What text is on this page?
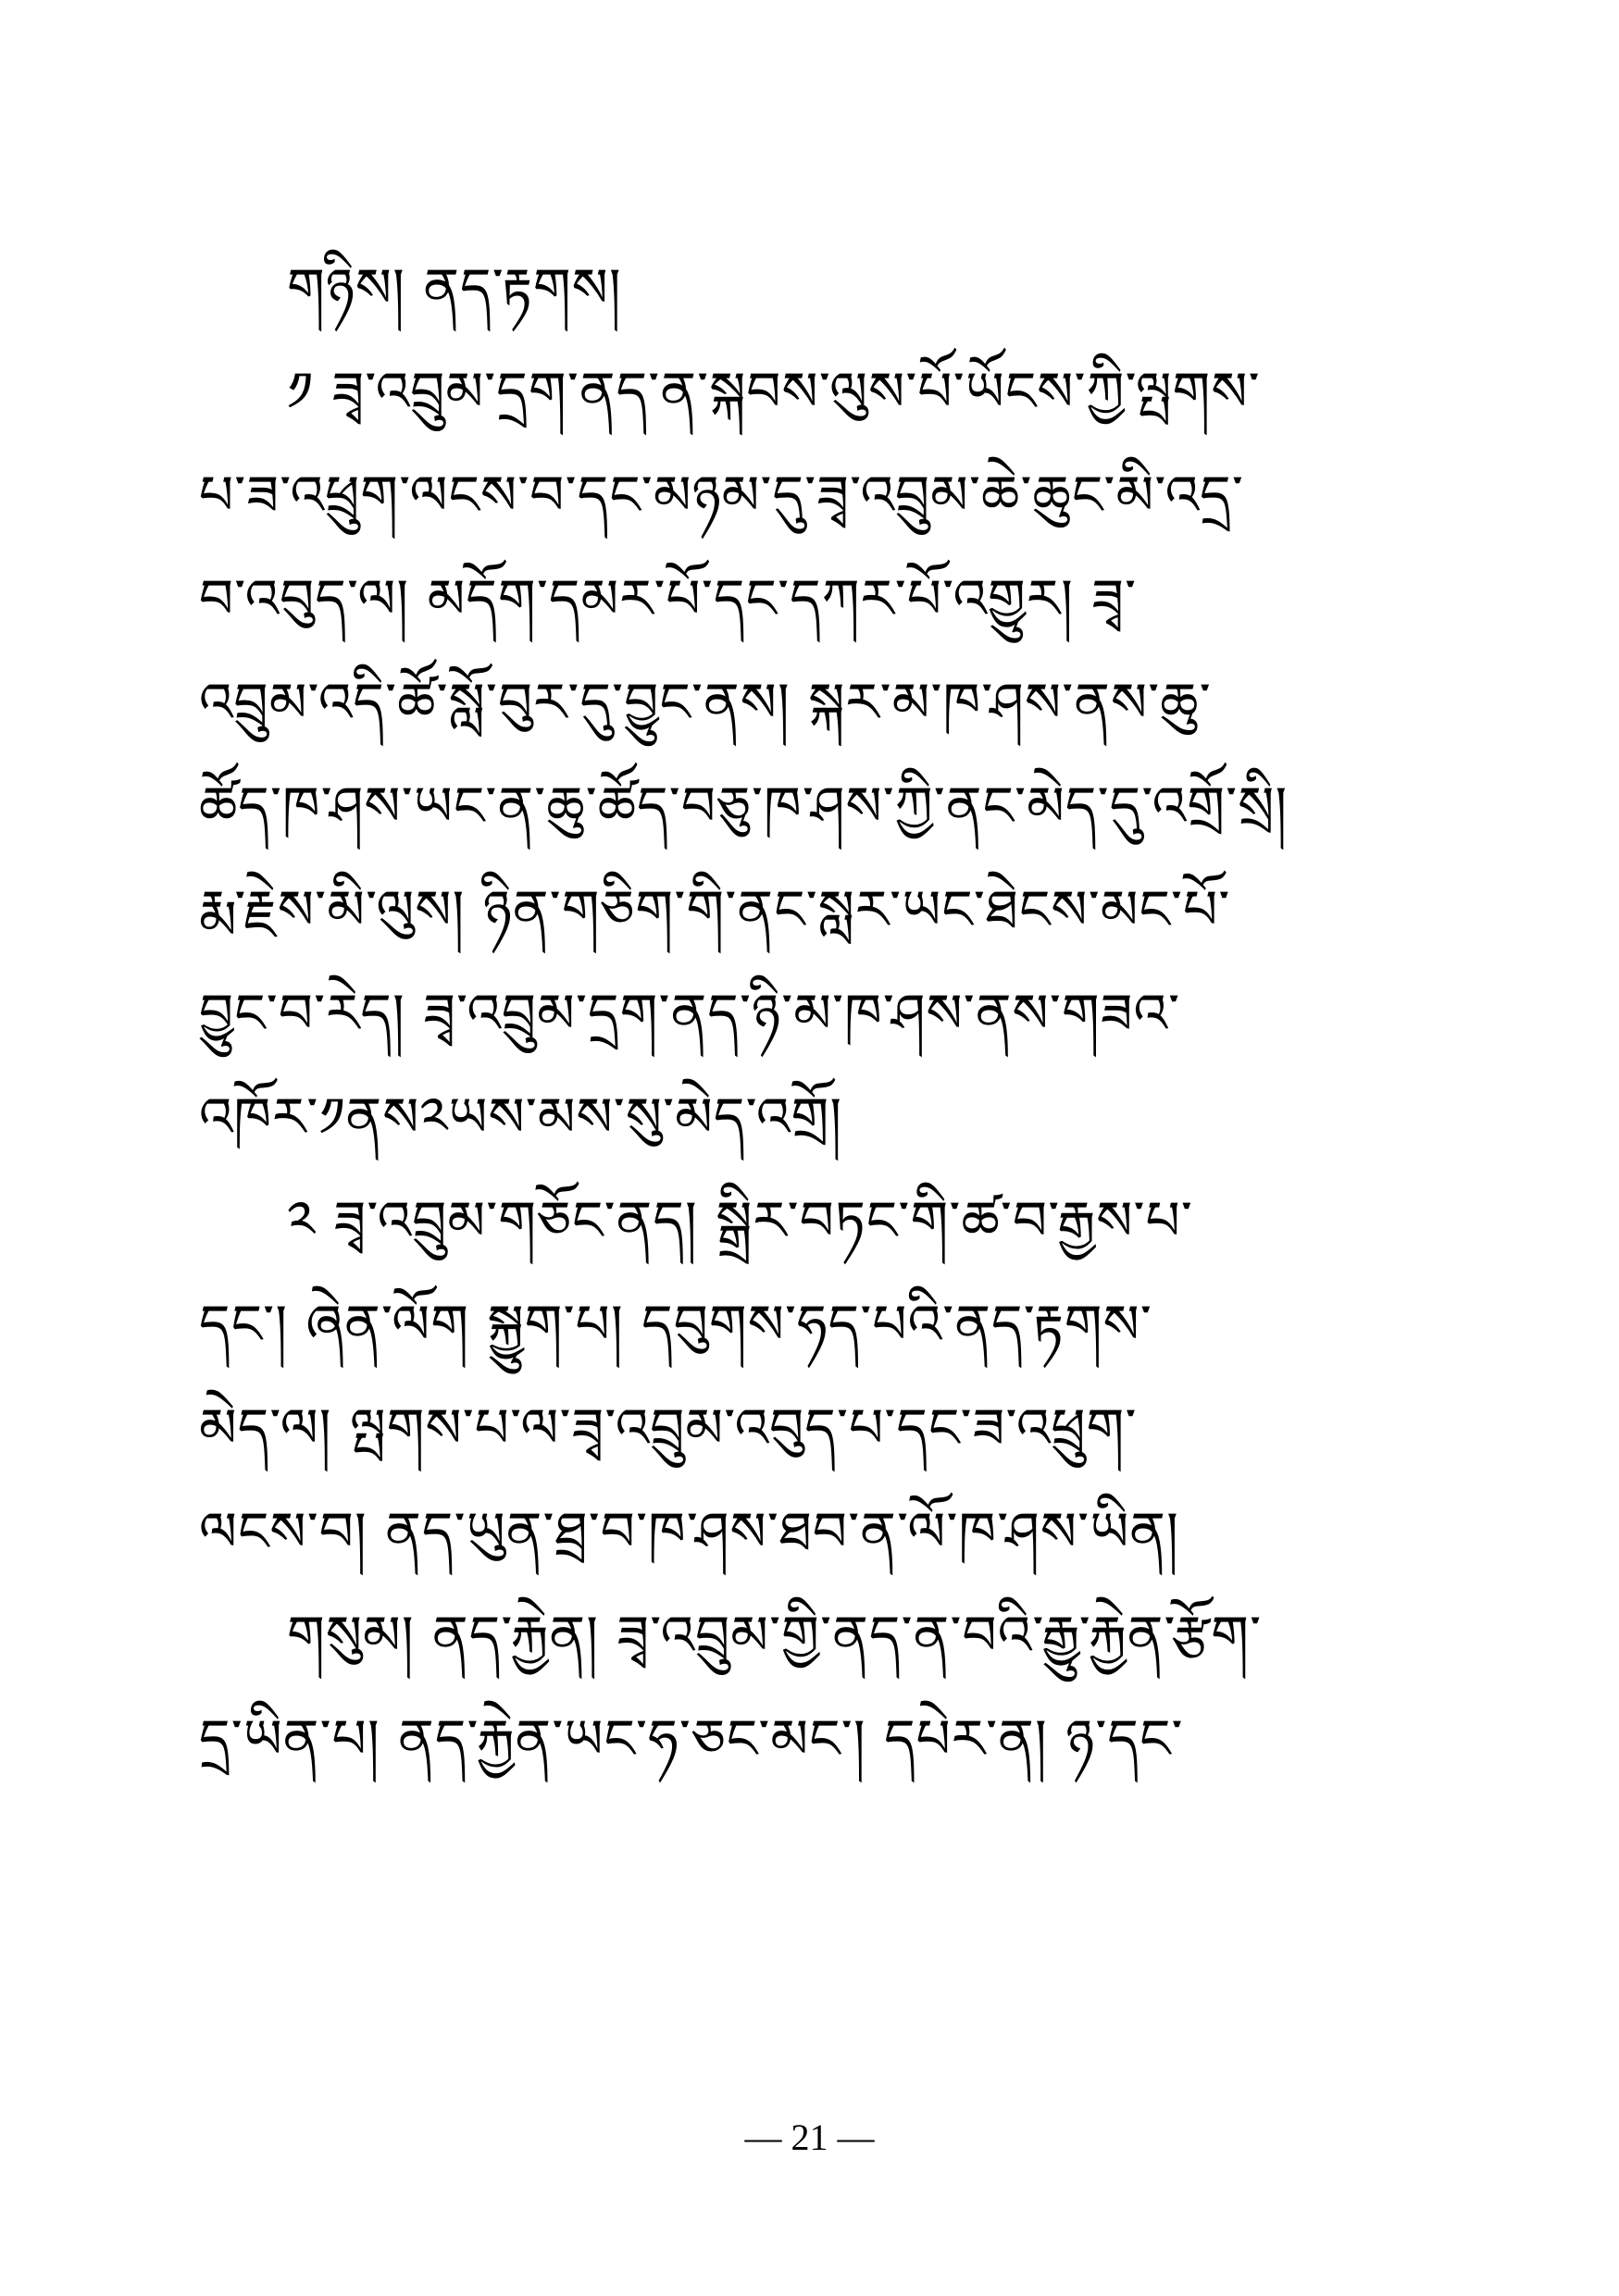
གཉིས། ནད་རྟགས།
༡ ཟྭ་འབྲུམ་དྲག་ནད་ན་སྐབས་ལུས་པོ་ཡོངས་ཀྱི་ལྤགས་
པ་ཟ་འཕྲུག་ལངས་བ་དང་མཉམ་དུ་ཟྭ་འབྲུམ་ཆེ་ཆུང་མི་འདྲ་
བ་འབུད་ལ། མདོག་དམར་པོ་དང་དཀར་པོ་འགྱུར། ཟྭ་
འབྲུམ་འདི་ཚོ་སློ་བུར་དུ་བྱུང་ནས། སྐར་མ་ཁ་ཤས་ནས་ཆུ་
ཚོད་ཁ་ཤས་ཡང་ན་ཆུ་ཚོད་བཅུ་ཁ་ཤས་ཀྱི་ནང་མེད་དུ་འགྲོ་སྲི།
རྨ་རྗེས་མི་ལུས། ཉིན་གཅིག་གི་ནང་སླར་ཡང་ཐེངས་མང་པོ་
བྱུང་བ་རེད། ཟྭ་འབྲུམ་དྲག་ནད་ཉི་མ་ཁ་ཤས་ནས་གཟའ་
འཁོར་༡ནས༢ཡས་མས་སུ་མེད་འགྲོ།
༢ ཟྭ་འབྲུམ་གཅོང་ནད། སྒྲིར་བཏང་གི་ཚ་བ་རྒྱས་པ་
དང་། ཞེན་ལོག སྐྱུག་པ། དབུགས་ཧད་པའི་ནད་རྟགས་
མེད་ལ། ལྤགས་པ་ལ་ཟྭ་འབྲུམ་འབུད་པ་དང་ཟ་འཕྲུག་
ལངས་བ། ནད་ཡུན་ཐྲ་བ་ཁ་ཤས་ཐབ་ན་ལོ་ཁ་ཤས་ཡིན།
གསུམ། ནད་རྐྱེན། ཟྭ་འབྲུམ་གྱི་ནད་ན་བའི་རྒྱུ་རྐྱེན་རྩོག་
དྲ་ཡིན་པ། ནད་རྐྱེན་ཡང་ཧ་ཅང་མང་། དཔེར་ན། ཉ་དང་
— 21 —
